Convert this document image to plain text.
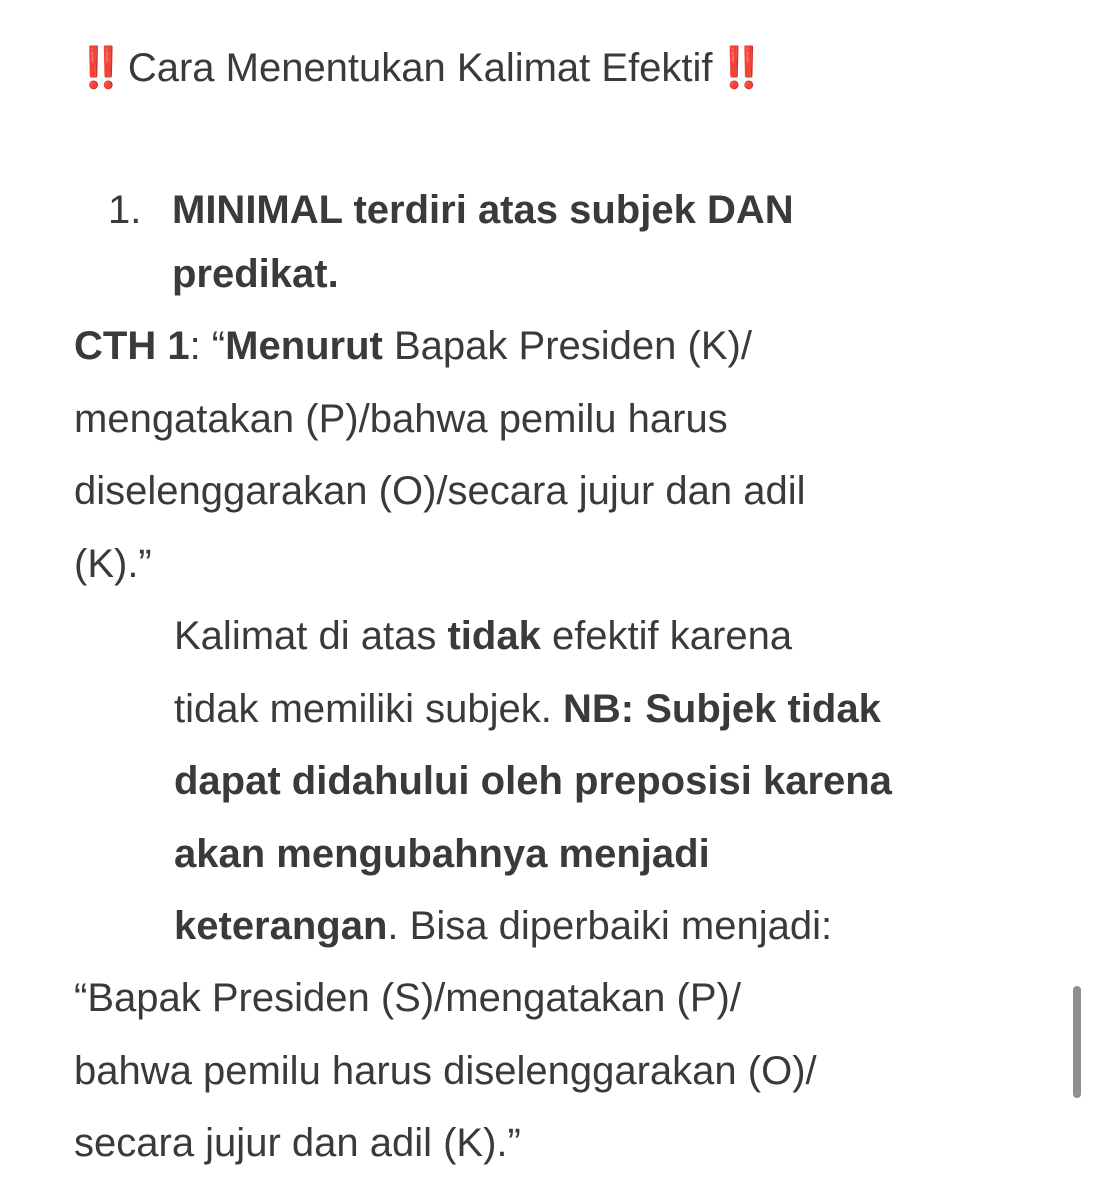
‼️ Cara Menentukan Kalimat Efektif ‼️
1. MINIMAL terdiri atas subjek DAN
predikat.
CTH 1: “Menurut Bapak Presiden (K)/
mengatakan (P)/bahwa pemilu harus
diselenggarakan (O)/secara jujur dan adil
(K).”
Kalimat di atas tidak efektif karena
tidak memiliki subjek. NB: Subjek tidak
dapat didahului oleh preposisi karena
akan mengubahnya menjadi
keterangan. Bisa diperbaiki menjadi:
“Bapak Presiden (S)/mengatakan (P)/
bahwa pemilu harus diselenggarakan (O)/
secara jujur dan adil (K).”
